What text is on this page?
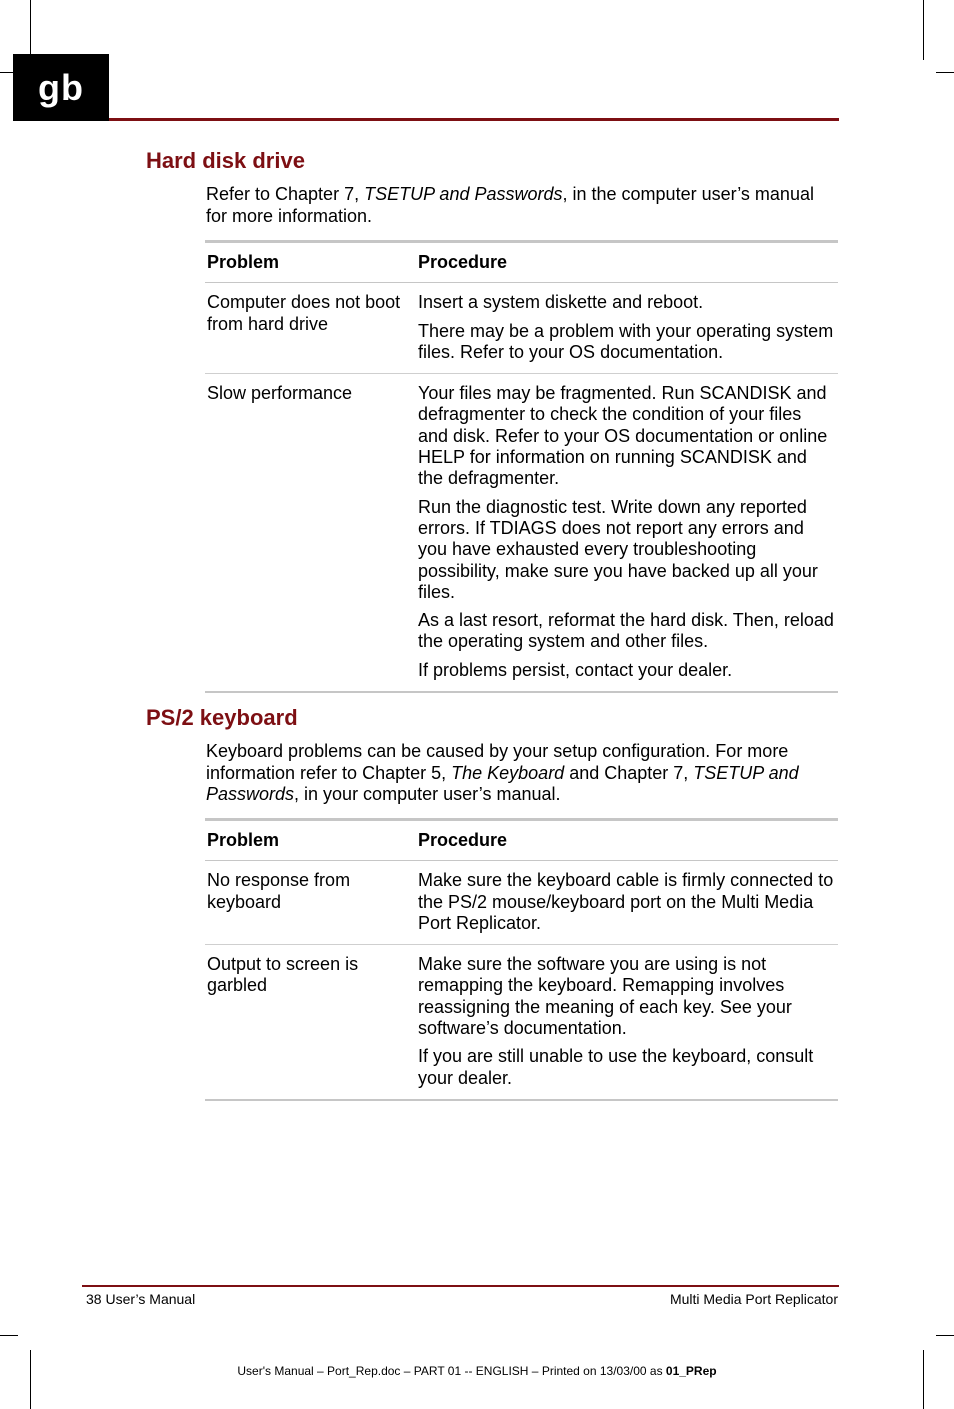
gb
Hard disk drive

Refer to Chapter 7, TSETUP and Passwords, in the computer user’s manual for more information.

Problem	Procedure
Computer does not boot from hard drive	Insert a system diskette and reboot.

There may be a problem with your operating system files. Refer to your OS documentation.

Slow performance	Your files may be fragmented. Run SCANDISK and defragmenter to check the condition of your files and disk. Refer to your OS documentation or online HELP for information on running SCANDISK and the defragmenter.

Run the diagnostic test. Write down any reported errors. If TDIAGS does not report any errors and you have exhausted every troubleshooting possibility, make sure you have backed up all your files.

As a last resort, reformat the hard disk. Then, reload the operating system and other files.

If problems persist, contact your dealer.

PS/2 keyboard

Keyboard problems can be caused by your setup configuration. For more information refer to Chapter 5, The Keyboard and Chapter 7, TSETUP and Passwords, in your computer user’s manual.

Problem	Procedure
No response from keyboard	Make sure the keyboard cable is firmly connected to the PS/2 mouse/keyboard port on the Multi Media Port Replicator.

Output to screen is garbled	Make sure the software you are using is not remapping the keyboard. Remapping involves reassigning the meaning of each key. See your software’s documentation.

If you are still unable to use the keyboard, consult your dealer.

38 User’s Manual	Multi Media Port Replicator
User's Manual – Port_Rep.doc – PART 01 -- ENGLISH – Printed on 13/03/00 as 01_PRep
